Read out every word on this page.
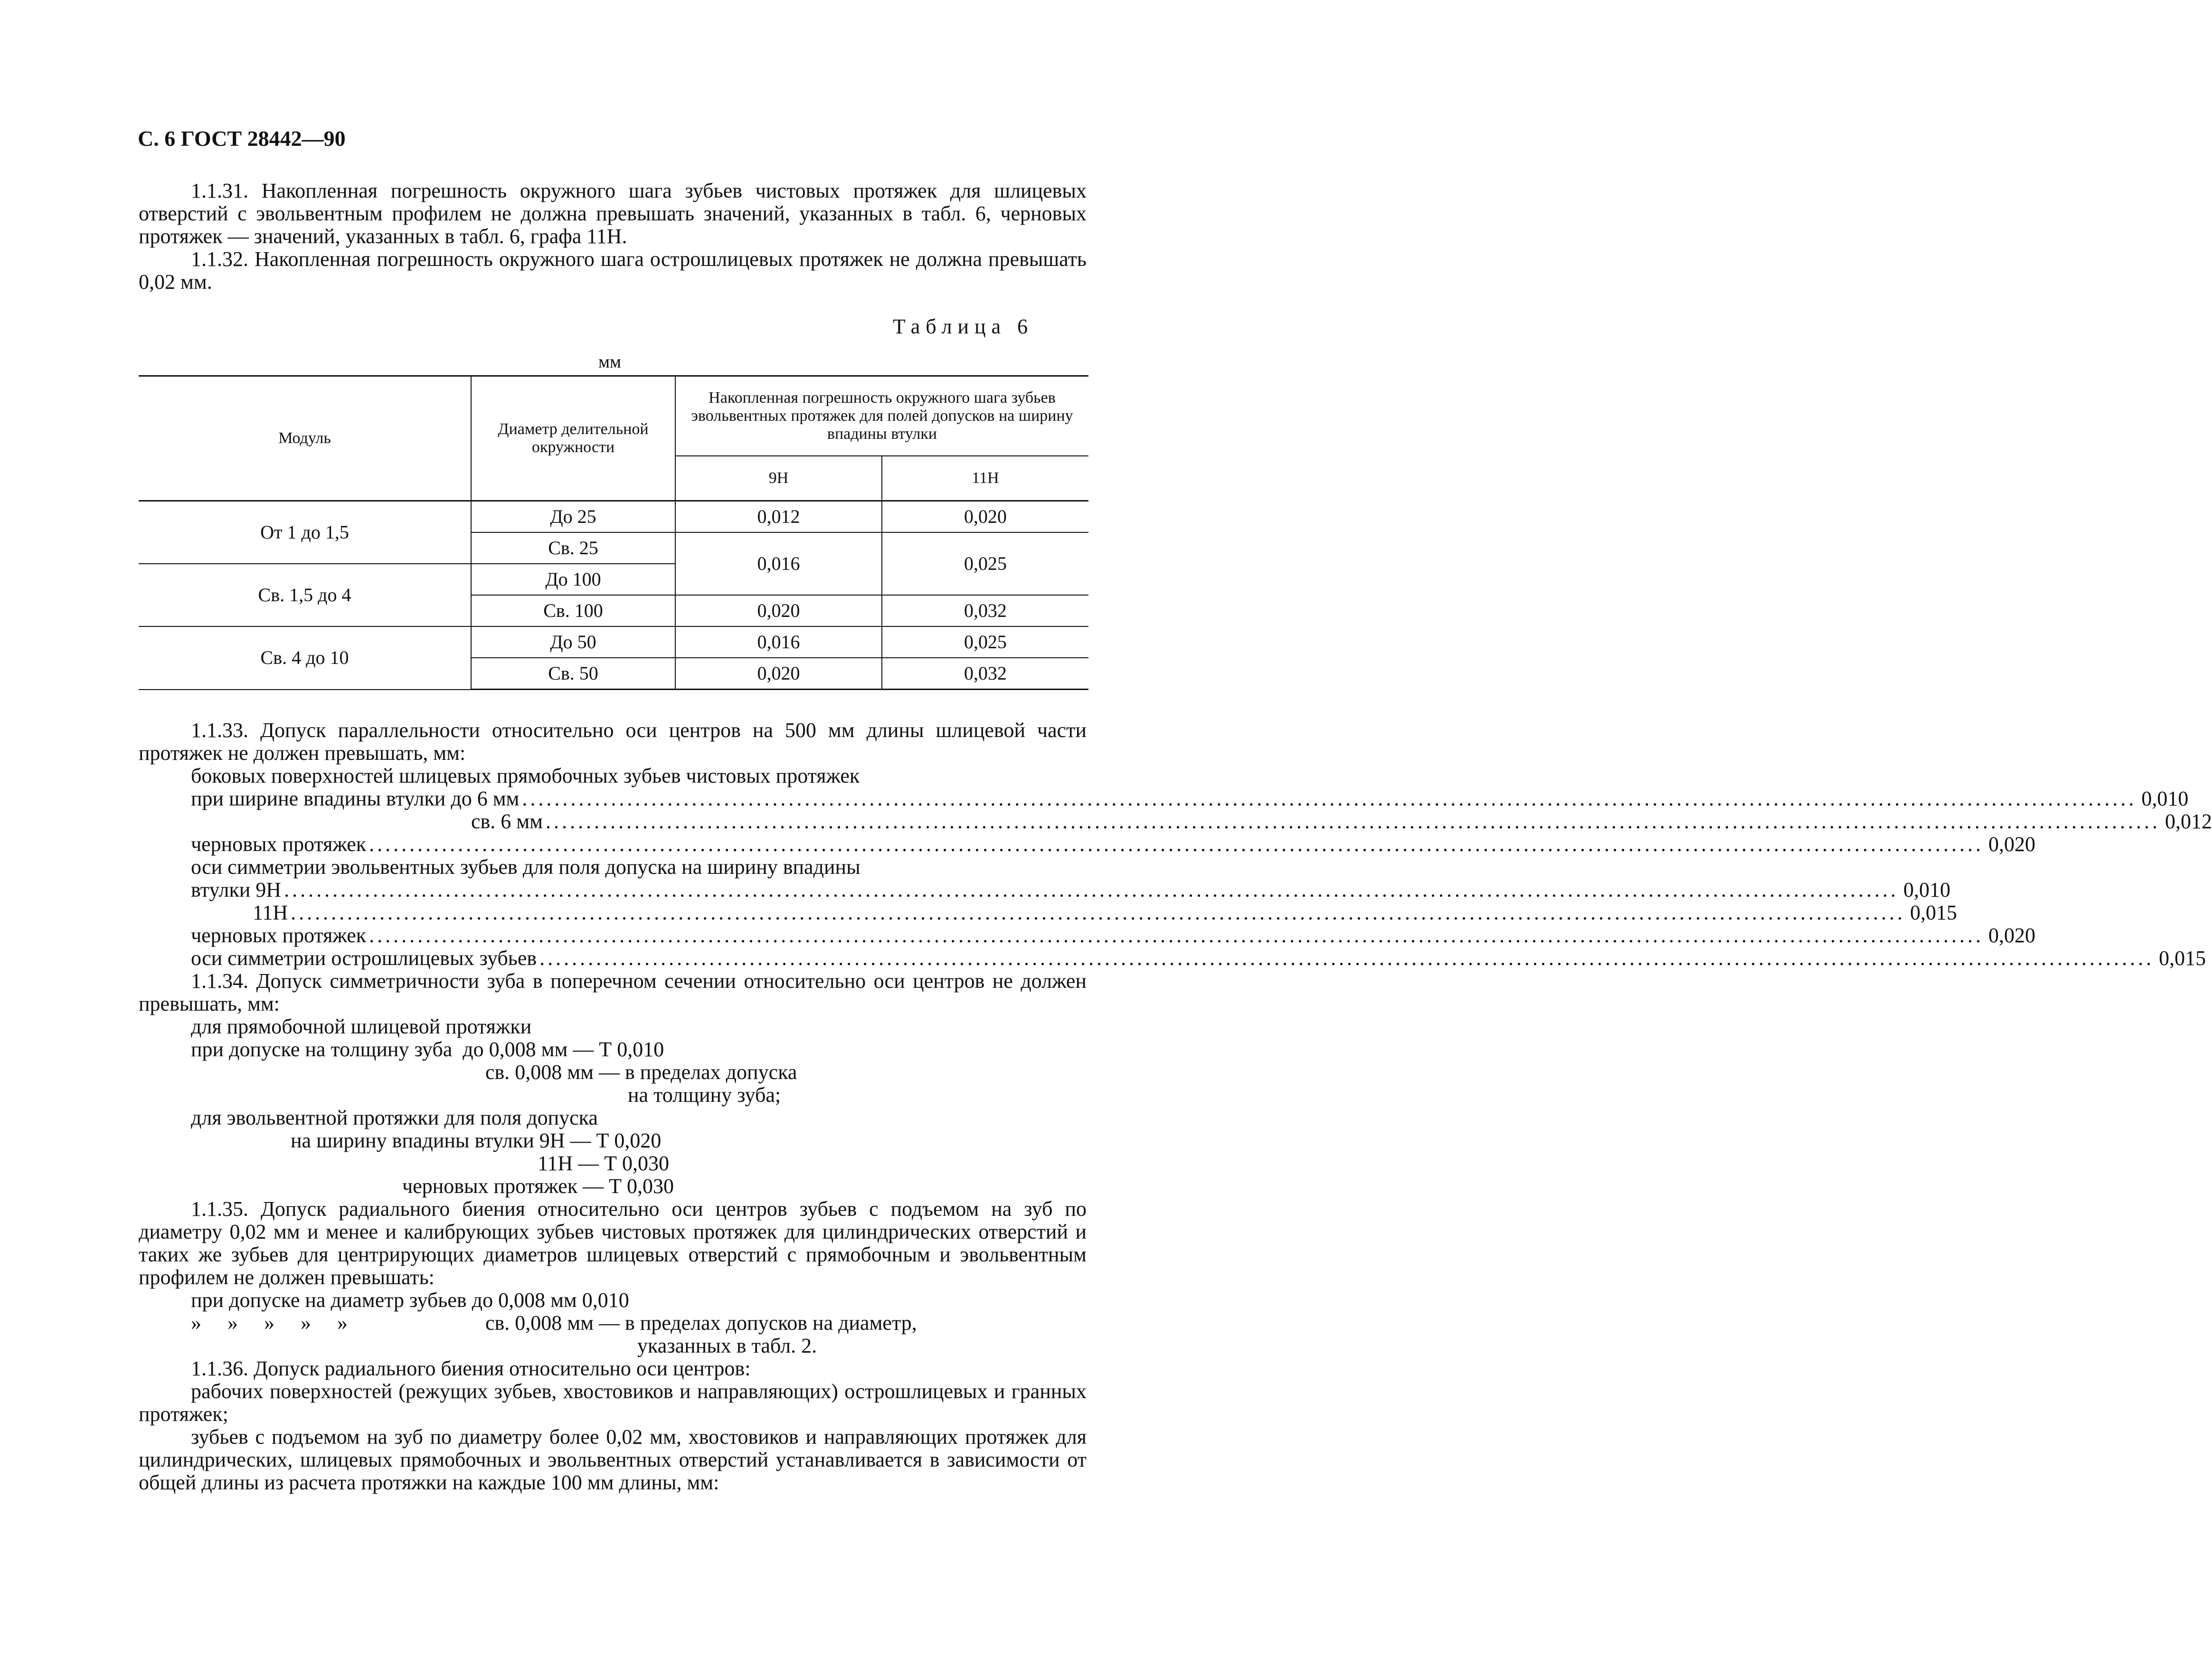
С. 6 ГОСТ 28442—90

1.1.31. Накопленная погрешность окружного шага зубьев чистовых протяжек для шлицевых отверстий с эвольвентным профилем не должна превышать значений, указанных в табл. 6, черновых протяжек — значений, указанных в табл. 6, графа 11Н.

1.1.32. Накопленная погрешность окружного шага острошлицевых протяжек не должна превышать 0,02 мм.

Таблица 6
мм
Модуль	Диаметр делительной окружности	Накопленная погрешность окружного шага зубьев эвольвентных протяжек для полей допусков на ширину впадины втулки	
		9Н	11Н
От 1 до 1,5	До 25	0,012	0,020
	Св. 25	0,016	0,025
Св. 1,5 до 4	До 100		
	Св. 100	0,020	0,032
Св. 4 до 10	До 50	0,016	0,025
	Св. 50	0,020	0,032

1.1.33. Допуск параллельности относительно оси центров на 500 мм длины шлицевой части протяжек не должен превышать, мм:

боковых поверхностей шлицевых прямобочных зубьев чистовых протяжек
при ширине впадины втулки до 6 мм ........................................................................................................................................................................................................ 0,010
св. 6 мм ........................................................................................................................................................................................................ 0,012
черновых протяжек ........................................................................................................................................................................................................ 0,020
оси симметрии эвольвентных зубьев для поля допуска на ширину впадины
втулки 9Н ........................................................................................................................................................................................................ 0,010
11Н ........................................................................................................................................................................................................ 0,015
черновых протяжек ........................................................................................................................................................................................................ 0,020
оси симметрии острошлицевых зубьев ........................................................................................................................................................................................................ 0,015

1.1.34. Допуск симметричности зуба в поперечном сечении относительно оси центров не должен превышать, мм:

для прямобочной шлицевой протяжки
при допуске на толщину зуба  до 0,008 мм — Т 0,010
св. 0,008 мм — в пределах допуска
на толщину зуба;
для эвольвентной протяжки для поля допуска
на ширину впадины втулки 9Н — Т 0,020
11Н — Т 0,030
черновых протяжек — Т 0,030

1.1.35. Допуск радиального биения относительно оси центров зубьев с подъемом на зуб по диаметру 0,02 мм и менее и калибрующих зубьев чистовых протяжек для цилиндрических отверстий и таких же зубьев для центрирующих диаметров шлицевых отверстий с прямобочным и эвольвентным профилем не должен превышать:

при допуске на диаметр зубьев до 0,008 мм 0,010
»     »     »     »     »	св. 0,008 мм — в пределах допусков на диаметр,
указанных в табл. 2.

1.1.36. Допуск радиального биения относительно оси центров:

рабочих поверхностей (режущих зубьев, хвостовиков и направляющих) острошлицевых и гранных протяжек;

зубьев с подъемом на зуб по диаметру более 0,02 мм, хвостовиков и направляющих протяжек для цилиндрических, шлицевых прямобочных и эвольвентных отверстий устанавливается в зависимости от общей длины из расчета протяжки на каждые 100 мм длины, мм:
